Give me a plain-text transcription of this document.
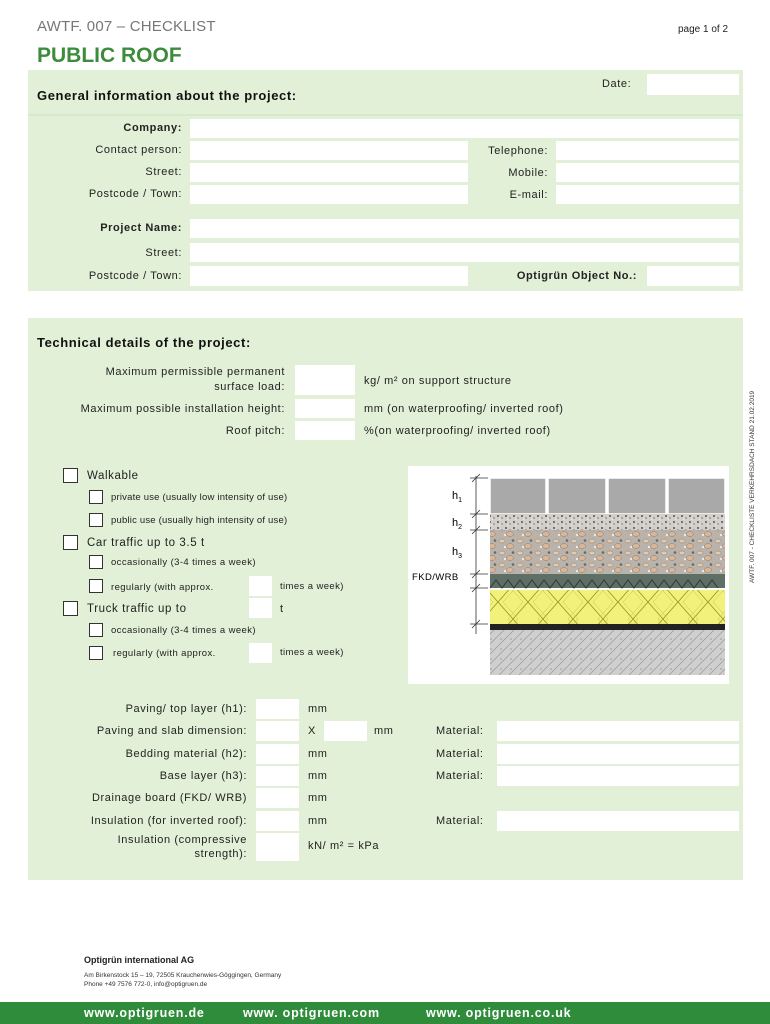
AWTF. 007 – CHECKLIST	page 1 of 2
PUBLIC ROOF
General information about the project:
Date:
Company:
Contact person:	Telephone:
Street:	Mobile:
Postcode / Town:	E-mail:
Project Name:
Street:
Postcode / Town:	Optigrün Object No.:
Technical details of the project:
Maximum permissible permanent
surface load:	kg/ m² on support structure
Maximum possible installation height:	mm (on waterproofing/ inverted roof)
Roof pitch:	%(on waterproofing/ inverted roof)
Walkable
private use (usually low intensity of use)
public use (usually high intensity of use)
Car traffic up to 3.5 t
occasionally (3-4 times a week)
regularly (with approx.	times a week)
Truck traffic up to	t
occasionally (3-4 times a week)
regularly (with approx.	times a week)
$h_1$
$h_2$
$h_3$
FKD/WRB
Paving/ top layer (h1):	mm
Paving and slab dimension:	X	mm	Material:
Bedding material (h2):	mm	Material:
Base layer (h3):	mm	Material:
Drainage board (FKD/ WRB)	mm
Insulation (for inverted roof):	mm	Material:
Insulation (compressive
strength):
kN/ m² = kPa
AWTF. 007 - CHECKLISTE VERKEHRSDACH STAND 21.02.2019
Optigrün international AG
Am Birkenstock 15 – 19, 72505 Krauchenwies-Göggingen, Germany
Phone +49 7576 772-0, info@optigruen.de
www.optigruen.de	www. optigruen.com	www. optigruen.co.uk
